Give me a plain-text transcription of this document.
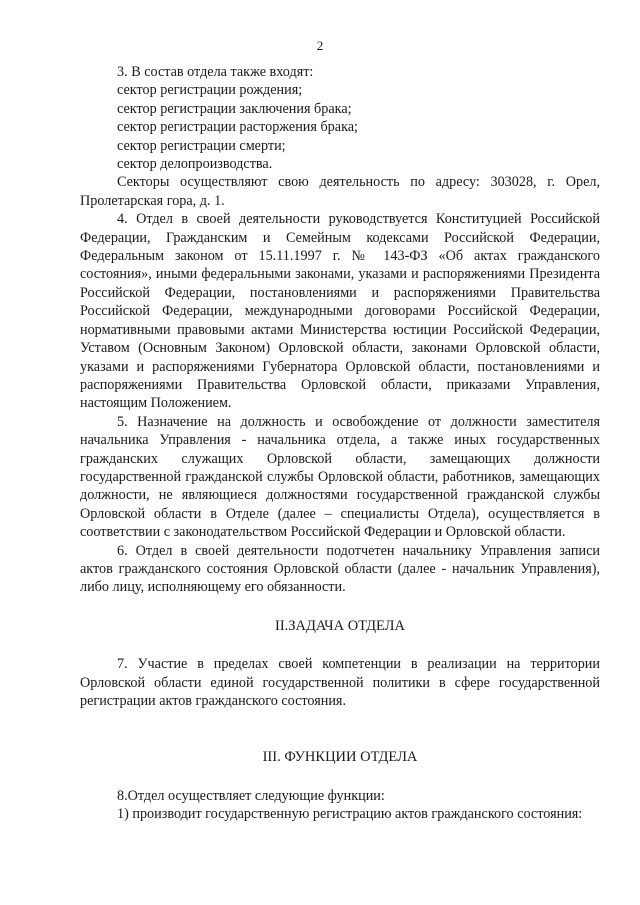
2

3. В состав отдела также входят:

сектор регистрации рождения;

сектор регистрации заключения брака;

сектор регистрации расторжения брака;

сектор регистрации смерти;

сектор делопроизводства.

Секторы осуществляют свою деятельность по адресу: 303028, г. Орел, Пролетарская гора, д. 1.

4. Отдел в своей деятельности руководствуется Конституцией Российской Федерации, Гражданским и Семейным кодексами Российской Федерации, Федеральным законом от 15.11.1997 г. № 143-ФЗ «Об актах гражданского состояния», иными федеральными законами, указами и распоряжениями Президента Российской Федерации, постановлениями и распоряжениями Правительства Российской Федерации, международными договорами Российской Федерации, нормативными правовыми актами Министерства юстиции Российской Федерации, Уставом (Основным Законом) Орловской области, законами Орловской области, указами и распоряжениями Губернатора Орловской области, постановлениями и распоряжениями Правительства Орловской области, приказами Управления, настоящим Положением.

5. Назначение на должность и освобождение от должности заместителя начальника Управления - начальника отдела, а также иных государственных гражданских служащих Орловской области, замещающих должности государственной гражданской службы Орловской области, работников, замещающих должности, не являющиеся должностями государственной гражданской службы Орловской области в Отделе (далее – специалисты Отдела), осуществляется в соответствии с законодательством Российской Федерации и Орловской области.

6. Отдел в своей деятельности подотчетен начальнику Управления записи актов гражданского состояния Орловской области (далее - начальник Управления), либо лицу, исполняющему его обязанности.

II.ЗАДАЧА ОТДЕЛА

7. Участие в пределах своей компетенции в реализации на территории Орловской области единой государственной политики в сфере государственной регистрации актов гражданского состояния.

III. ФУНКЦИИ ОТДЕЛА

8.Отдел осуществляет следующие функции:

1) производит государственную регистрацию актов гражданского состояния:
